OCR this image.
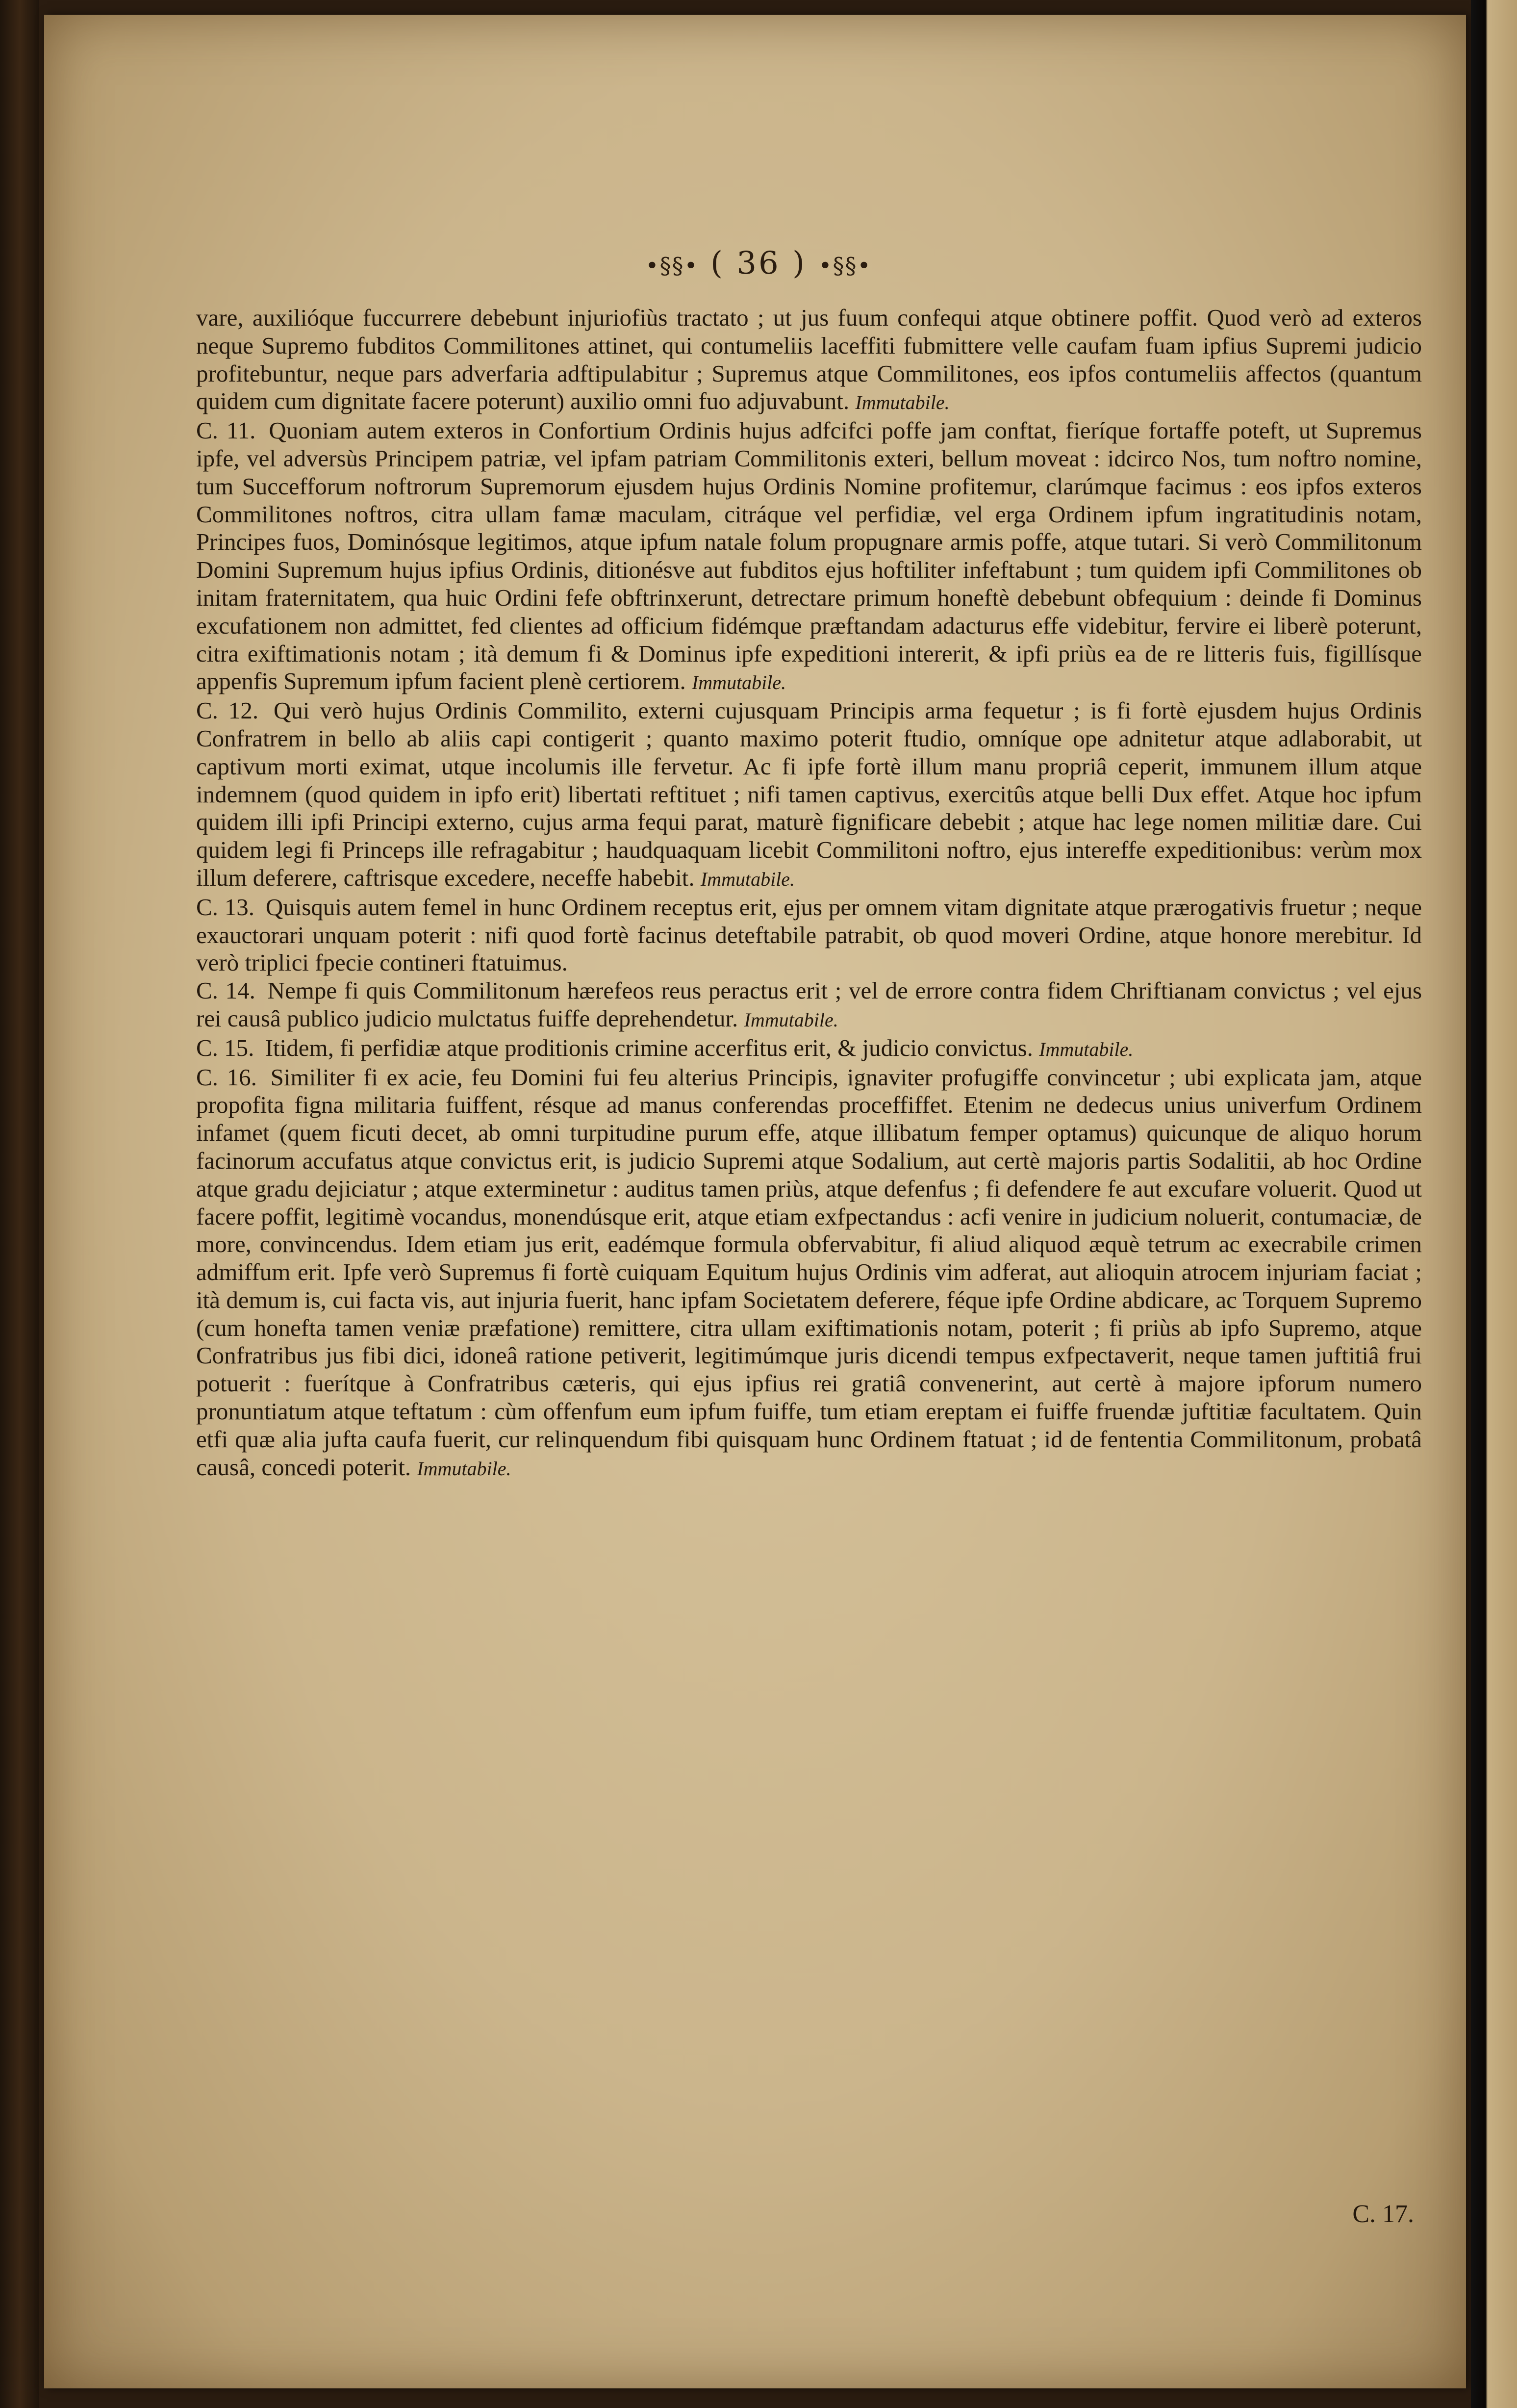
•§§• ( 36 ) •§§•

vare, auxilióque fuccurrere debebunt injuriofiùs tractato ; ut jus fuum confequi atque obtinere poffit. Quod verò ad exteros neque Supremo fubditos Commilitones attinet, qui contumeliis laceffiti fubmittere velle caufam fuam ipfius Supremi judicio profitebuntur, neque pars adverfaria adftipulabitur ; Supremus atque Commilitones, eos ipfos contumeliis affectos (quantum quidem cum dignitate facere poterunt) auxilio omni fuo adjuvabunt. Immutabile.

C. 11. Quoniam autem exteros in Confortium Ordinis hujus adfcifci poffe jam conftat, fieríque fortaffe poteft, ut Supremus ipfe, vel adversùs Principem patriæ, vel ipfam patriam Commilitonis exteri, bellum moveat : idcirco Nos, tum noftro nomine, tum Succefforum noftrorum Supremorum ejusdem hujus Ordinis Nomine profitemur, clarúmque facimus : eos ipfos exteros Commilitones noftros, citra ullam famæ maculam, citráque vel perfidiæ, vel erga Ordinem ipfum ingratitudinis notam, Principes fuos, Dominósque legitimos, atque ipfum natale folum propugnare armis poffe, atque tutari. Si verò Commilitonum Domini Supremum hujus ipfius Ordinis, ditionésve aut fubditos ejus hoftiliter infeftabunt ; tum quidem ipfi Commilitones ob initam fraternitatem, qua huic Ordini fefe obftrinxerunt, detrectare primum honeftè debebunt obfequium : deinde fi Dominus excufationem non admittet, fed clientes ad officium fidémque præftandam adacturus effe videbitur, fervire ei liberè poterunt, citra exiftimationis notam ; ità demum fi & Dominus ipfe expeditioni intererit, & ipfi priùs ea de re litteris fuis, figillísque appenfis Supremum ipfum facient plenè certiorem. Immutabile.

C. 12. Qui verò hujus Ordinis Commilito, externi cujusquam Principis arma fequetur ; is fi fortè ejusdem hujus Ordinis Confratrem in bello ab aliis capi contigerit ; quanto maximo poterit ftudio, omníque ope adnitetur atque adlaborabit, ut captivum morti eximat, utque incolumis ille fervetur. Ac fi ipfe fortè illum manu propriâ ceperit, immunem illum atque indemnem (quod quidem in ipfo erit) libertati reftituet ; nifi tamen captivus, exercitûs atque belli Dux effet. Atque hoc ipfum quidem illi ipfi Principi externo, cujus arma fequi parat, maturè fignificare debebit ; atque hac lege nomen militiæ dare. Cui quidem legi fi Princeps ille refragabitur ; haudquaquam licebit Commilitoni noftro, ejus intereffe expeditionibus: verùm mox illum deferere, caftrisque excedere, neceffe habebit. Immutabile.

C. 13. Quisquis autem femel in hunc Ordinem receptus erit, ejus per omnem vitam dignitate atque prærogativis fruetur ; neque exauctorari unquam poterit : nifi quod fortè facinus deteftabile patrabit, ob quod moveri Ordine, atque honore merebitur. Id verò triplici fpecie contineri ftatuimus.

C. 14. Nempe fi quis Commilitonum hærefeos reus peractus erit ; vel de errore contra fidem Chriftianam convictus ; vel ejus rei causâ publico judicio mulctatus fuiffe deprehendetur. Immutabile.

C. 15. Itidem, fi perfidiæ atque proditionis crimine accerfitus erit, & judicio convictus. Immutabile.

C. 16. Similiter fi ex acie, feu Domini fui feu alterius Principis, ignaviter profugiffe convincetur ; ubi explicata jam, atque propofita figna militaria fuiffent, résque ad manus conferendas proceffiffet. Etenim ne dedecus unius univerfum Ordinem infamet (quem ficuti decet, ab omni turpitudine purum effe, atque illibatum femper optamus) quicunque de aliquo horum facinorum accufatus atque convictus erit, is judicio Supremi atque Sodalium, aut certè majoris partis Sodalitii, ab hoc Ordine atque gradu dejiciatur ; atque exterminetur : auditus tamen priùs, atque defenfus ; fi defendere fe aut excufare voluerit. Quod ut facere poffit, legitimè vocandus, monendúsque erit, atque etiam exfpectandus : acfi venire in judicium noluerit, contumaciæ, de more, convincendus. Idem etiam jus erit, eadémque formula obfervabitur, fi aliud aliquod æquè tetrum ac execrabile crimen admiffum erit. Ipfe verò Supremus fi fortè cuiquam Equitum hujus Ordinis vim adferat, aut alioquin atrocem injuriam faciat ; ità demum is, cui facta vis, aut injuria fuerit, hanc ipfam Societatem deferere, féque ipfe Ordine abdicare, ac Torquem Supremo (cum honefta tamen veniæ præfatione) remittere, citra ullam exiftimationis notam, poterit ; fi priùs ab ipfo Supremo, atque Confratribus jus fibi dici, idoneâ ratione petiverit, legitimúmque juris dicendi tempus exfpectaverit, neque tamen juftitiâ frui potuerit : fuerítque à Confratribus cæteris, qui ejus ipfius rei gratiâ convenerint, aut certè à majore ipforum numero pronuntiatum atque teftatum : cùm offenfum eum ipfum fuiffe, tum etiam ereptam ei fuiffe fruendæ juftitiæ facultatem. Quin etfi quæ alia jufta caufa fuerit, cur relinquendum fibi quisquam hunc Ordinem ftatuat ; id de fententia Commilitonum, probatâ causâ, concedi poterit. Immutabile.

C. 17.
